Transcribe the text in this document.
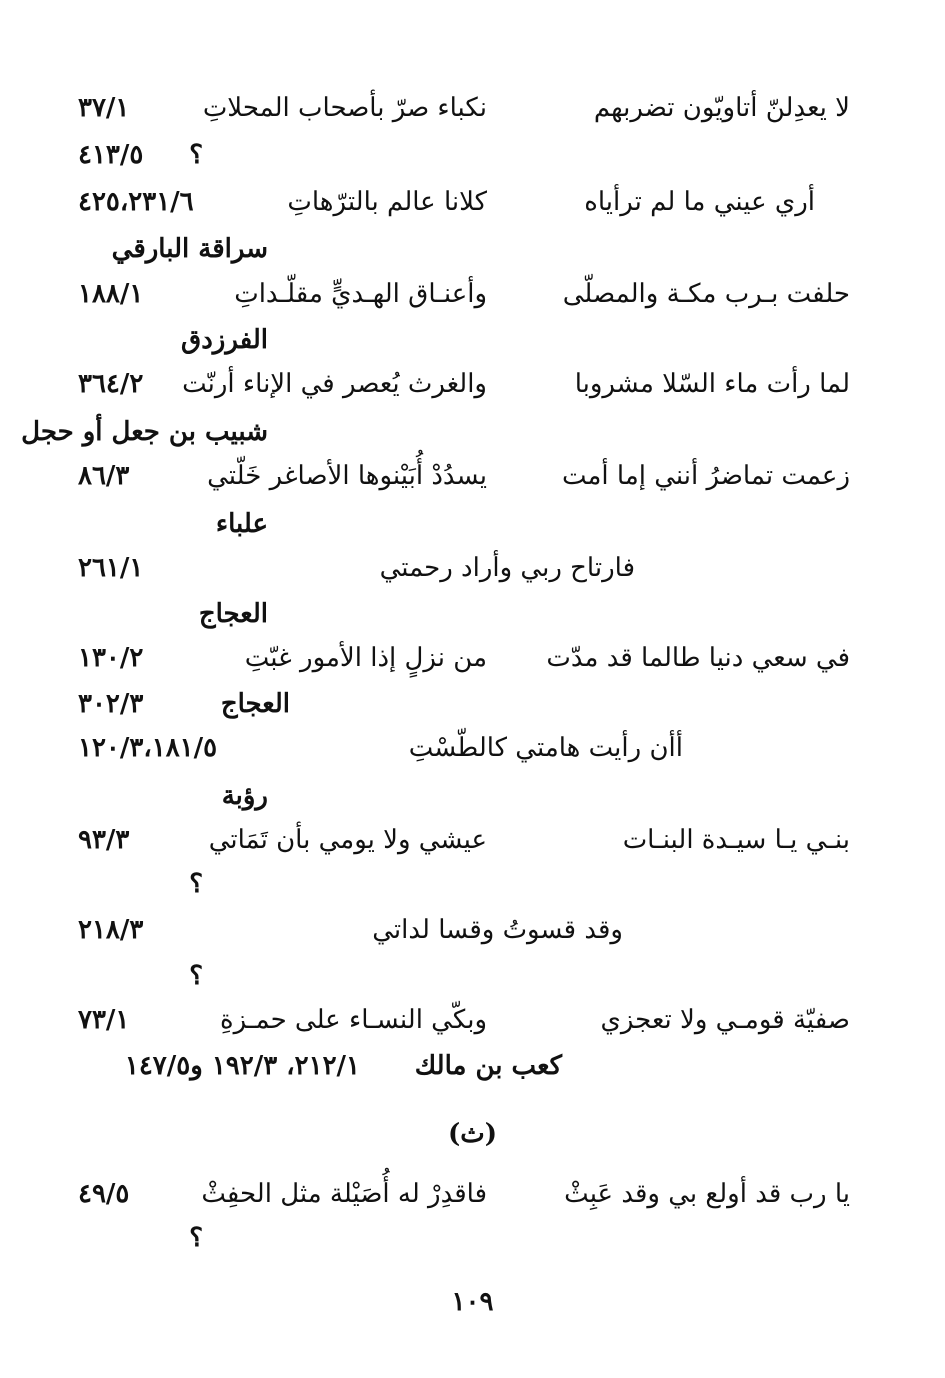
لا يعدِلنّ أتاويّون تضربهم
نكباء صرّ بأصحاب المحلاتِ
٣٧/١
٤١٣/٥ ؟
أري عيني ما لم ترأياه
كلانا عالم بالترّهاتِ
٤٢٥،٢٣١/٦
سراقة البارقي
حلفت بـرب مكـة والمصلّى
وأعنـاق الهـديٍّ مقلّـداتِ
١٨٨/١
الفرزدق
لما رأت ماء السّلا مشروبا
والغرث يُعصر في الإناء أرنّت
٣٦٤/٢
شبيب بن جعل أو حجل
زعمت تماضرُ أنني إما أمت
يسدُدْ أُبَيْنوها الأصاغر خَلّتي
٨٦/٣
علباء
فارتاح ربي وأراد رحمتي
٢٦١/١
العجاج
في سعي دنيا طالما قد مدّت
من نزلٍ إذا الأمور غبّتِ
١٣٠/٢
العجاج
٣٠٢/٣
أأن رأيت هامتي كالطّسْتِ
١٢٠/٣،١٨١/٥
رؤبة
بنـي يـا سيـدة البنـات
عيشي ولا يومي بأن تَمَاتي
٩٣/٣
؟
وقد قسوتُ وقسا لداتي
٢١٨/٣
؟
صفيّة قومـي ولا تعجزي
وبكّي النسـاء على حمـزةِ
٧٣/١
كعب بن مالك
٢١٢/١، ١٩٢/٣ و١٤٧/٥
(ث)
يا رب قد أولع بي وقد عَبِثْ
فاقدِرْ له أُصَيْلة مثل الحفِثْ
٤٩/٥
؟
١٠٩
